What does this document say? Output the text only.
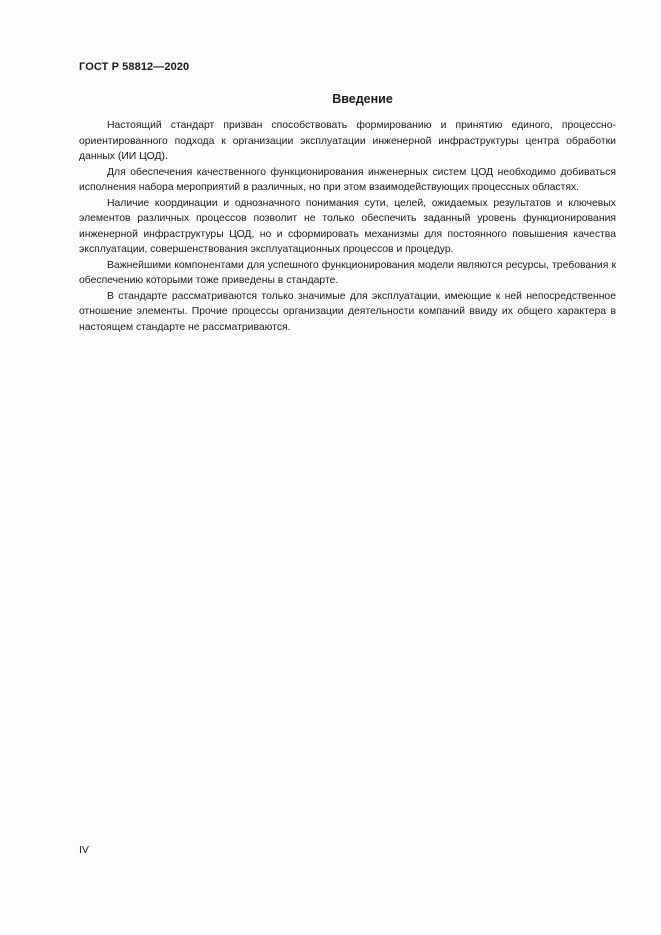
ГОСТ Р 58812—2020
Введение

Настоящий стандарт призван способствовать формированию и принятию единого, процессно-ориентированного подхода к организации эксплуатации инженерной инфраструктуры центра обработки данных (ИИ ЦОД).

Для обеспечения качественного функционирования инженерных систем ЦОД необходимо добиваться исполнения набора мероприятий в различных, но при этом взаимодействующих процессных областях.

Наличие координации и однозначного понимания сути, целей, ожидаемых результатов и ключевых элементов различных процессов позволит не только обеспечить заданный уровень функционирования инженерной инфраструктуры ЦОД, но и сформировать механизмы для постоянного повышения качества эксплуатации, совершенствования эксплуатационных процессов и процедур.

Важнейшими компонентами для успешного функционирования модели являются ресурсы, требования к обеспечению которыми тоже приведены в стандарте.

В стандарте рассматриваются только значимые для эксплуатации, имеющие к ней непосредственное отношение элементы. Прочие процессы организации деятельности компаний ввиду их общего характера в настоящем стандарте не рассматриваются.

IV
